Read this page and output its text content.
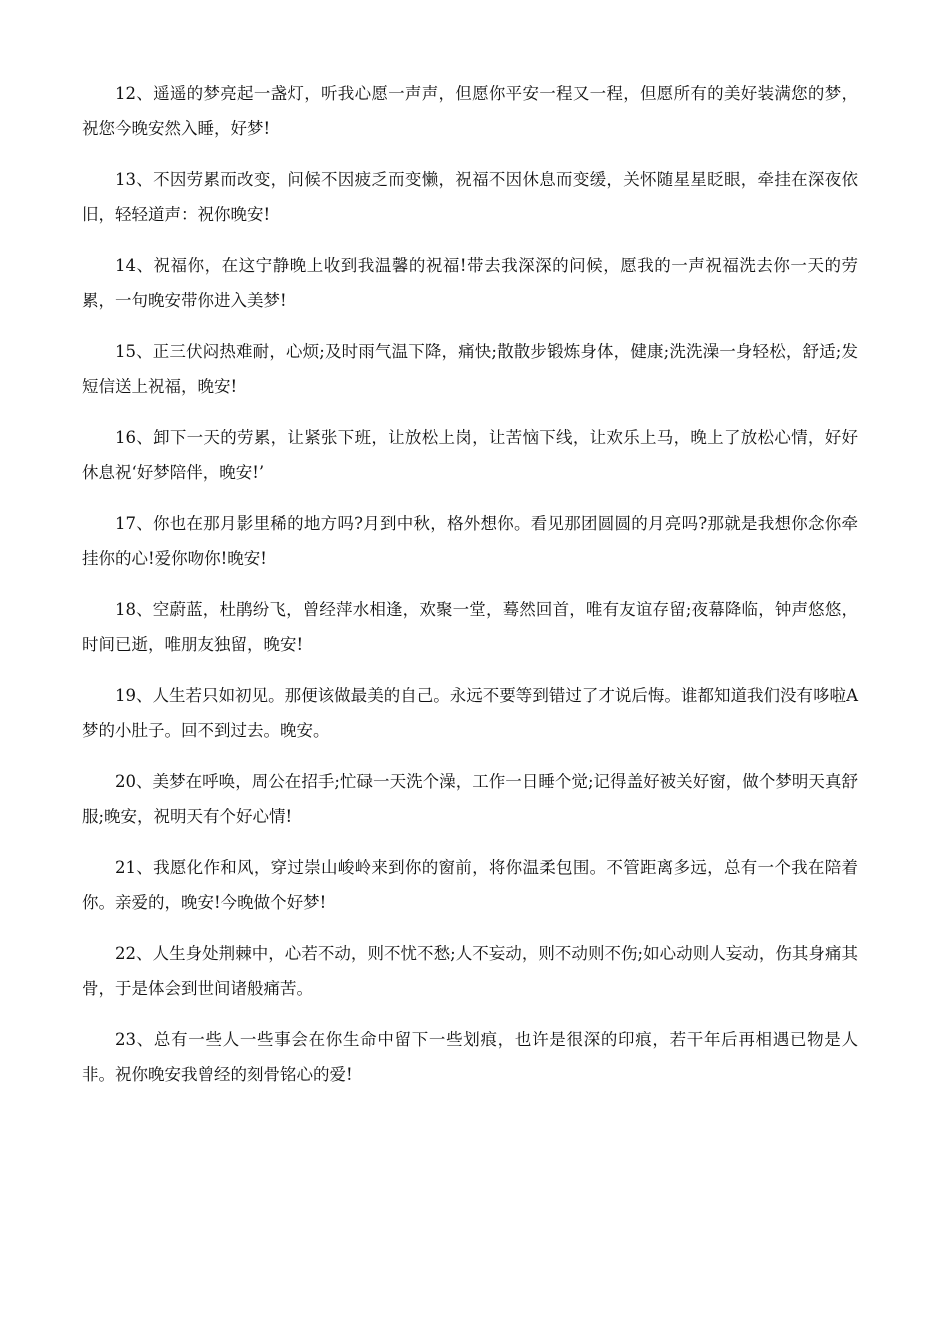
12、遥遥的梦亮起一盏灯，听我心愿一声声，但愿你平安一程又一程，但愿所有的美好装满您的梦，祝您今晚安然入睡，好梦!

13、不因劳累而改变，问候不因疲乏而变懒，祝福不因休息而变缓，关怀随星星眨眼，牵挂在深夜依旧，轻轻道声：祝你晚安!

14、祝福你，在这宁静晚上收到我温馨的祝福!带去我深深的问候，愿我的一声祝福洗去你一天的劳累，一句晚安带你进入美梦!

15、正三伏闷热难耐，心烦;及时雨气温下降，痛快;散散步锻炼身体，健康;洗洗澡一身轻松，舒适;发短信送上祝福，晚安!

16、卸下一天的劳累，让紧张下班，让放松上岗，让苦恼下线，让欢乐上马，晚上了放松心情，好好休息祝‘好梦陪伴，晚安!’

17、你也在那月影里稀的地方吗?月到中秋，格外想你。看见那团圆圆的月亮吗?那就是我想你念你牵挂你的心!爱你吻你!晚安!

18、空蔚蓝，杜鹃纷飞，曾经萍水相逢，欢聚一堂，蓦然回首，唯有友谊存留;夜幕降临，钟声悠悠，时间已逝，唯朋友独留，晚安!

19、人生若只如初见。那便该做最美的自己。永远不要等到错过了才说后悔。谁都知道我们没有哆啦A梦的小肚子。回不到过去。晚安。

20、美梦在呼唤，周公在招手;忙碌一天洗个澡，工作一日睡个觉;记得盖好被关好窗，做个梦明天真舒服;晚安，祝明天有个好心情!

21、我愿化作和风，穿过崇山峻岭来到你的窗前，将你温柔包围。不管距离多远，总有一个我在陪着你。亲爱的，晚安!今晚做个好梦!

22、人生身处荆棘中，心若不动，则不忧不愁;人不妄动，则不动则不伤;如心动则人妄动，伤其身痛其骨，于是体会到世间诸般痛苦。

23、总有一些人一些事会在你生命中留下一些划痕，也许是很深的印痕，若干年后再相遇已物是人非。祝你晚安我曾经的刻骨铭心的爱!
